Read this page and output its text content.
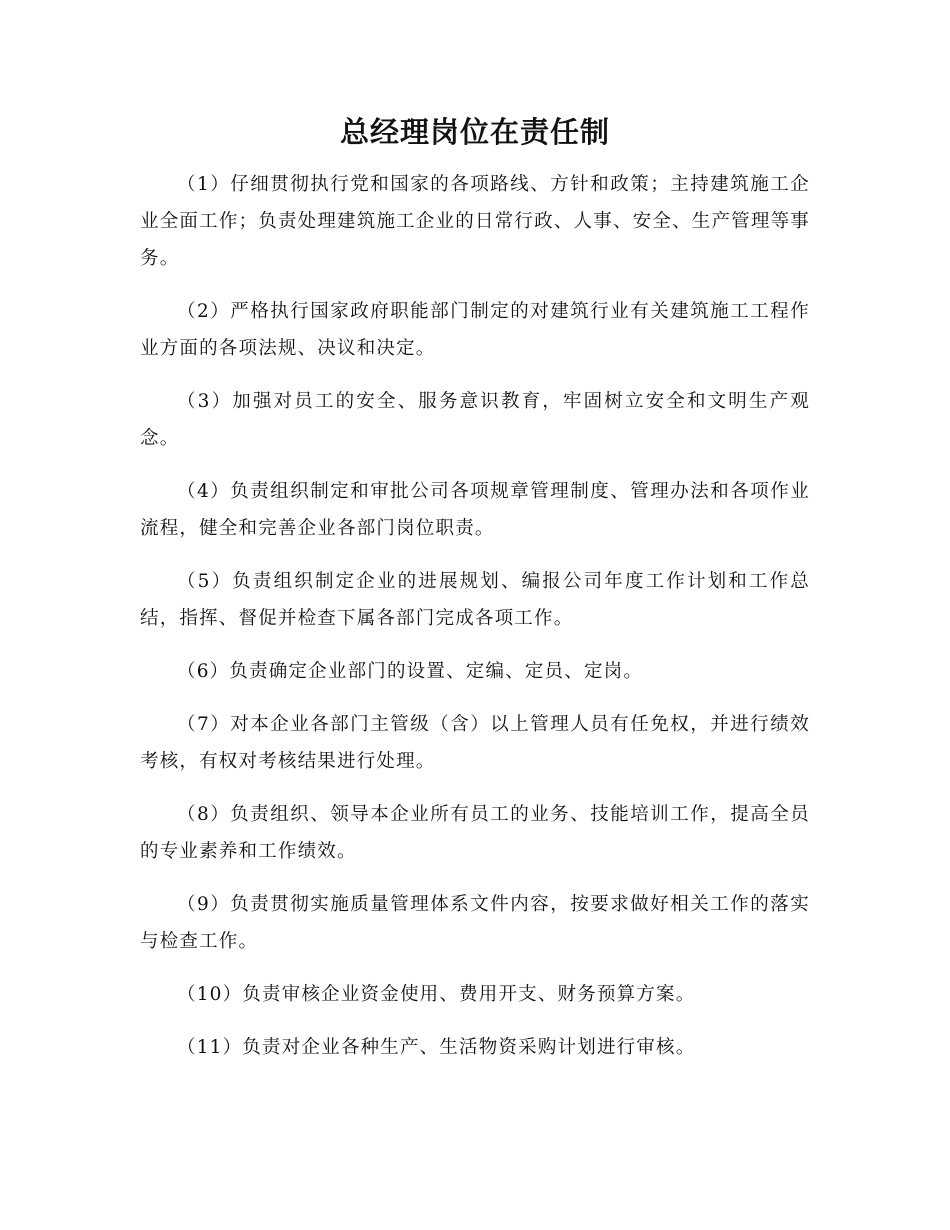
总经理岗位在责任制

（1）仔细贯彻执行党和国家的各项路线、方针和政策；主持建筑施工企业全面工作；负责处理建筑施工企业的日常行政、人事、安全、生产管理等事务。

（2）严格执行国家政府职能部门制定的对建筑行业有关建筑施工工程作业方面的各项法规、决议和决定。

（3）加强对员工的安全、服务意识教育，牢固树立安全和文明生产观念。

（4）负责组织制定和审批公司各项规章管理制度、管理办法和各项作业流程，健全和完善企业各部门岗位职责。

（5）负责组织制定企业的进展规划、编报公司年度工作计划和工作总结，指挥、督促并检查下属各部门完成各项工作。

（6）负责确定企业部门的设置、定编、定员、定岗。

（7）对本企业各部门主管级（含）以上管理人员有任免权，并进行绩效考核，有权对考核结果进行处理。

（8）负责组织、领导本企业所有员工的业务、技能培训工作，提高全员的专业素养和工作绩效。

（9）负责贯彻实施质量管理体系文件内容，按要求做好相关工作的落实与检查工作。

（10）负责审核企业资金使用、费用开支、财务预算方案。

（11）负责对企业各种生产、生活物资采购计划进行审核。
